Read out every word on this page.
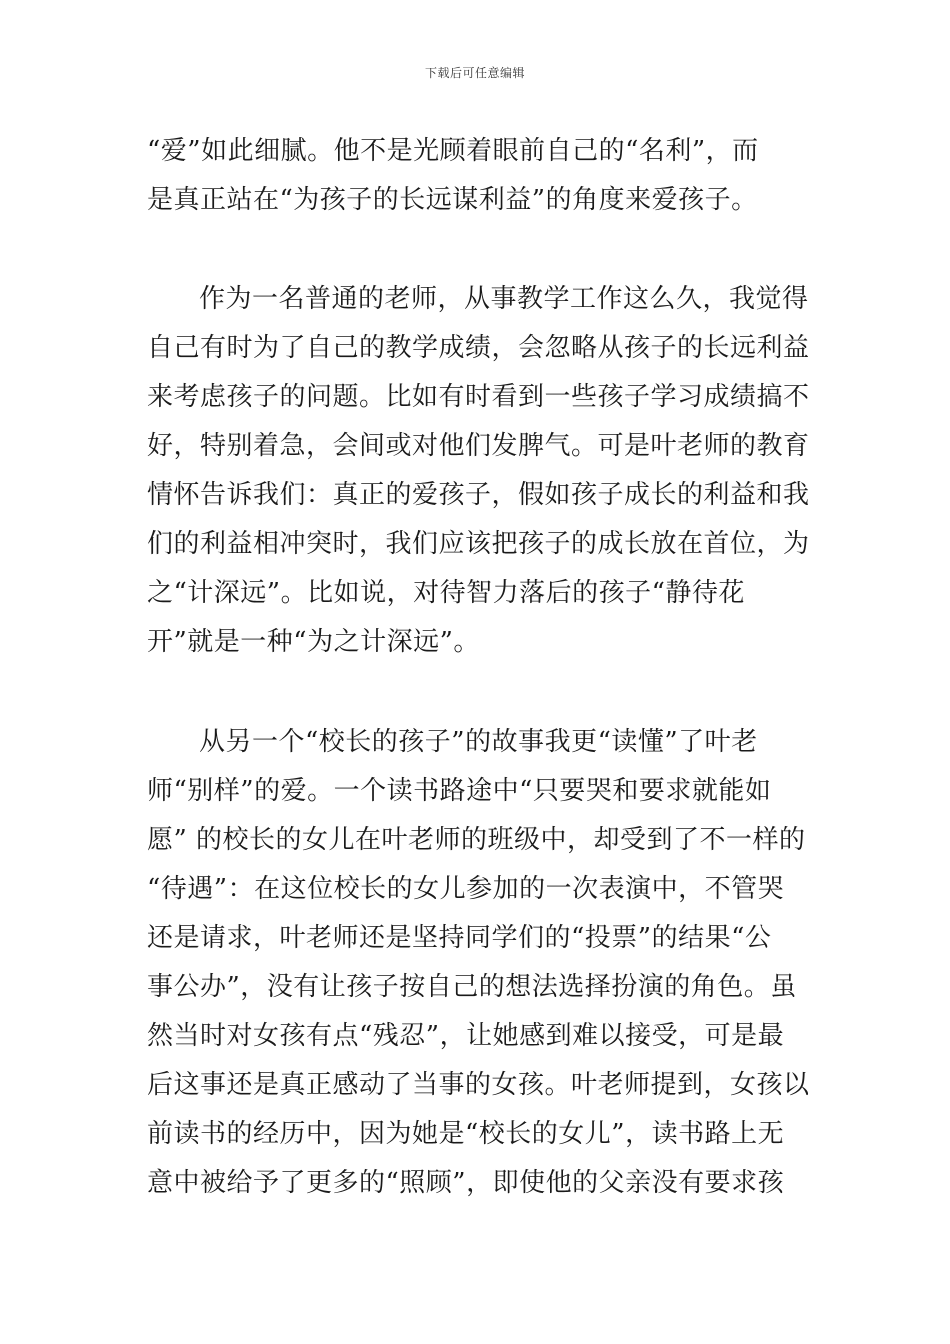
下载后可任意编辑
“爱”如此细腻。他不是光顾着眼前自己的“名利”，而
是真正站在“为孩子的长远谋利益”的角度来爱孩子。
作为一名普通的老师，从事教学工作这么久，我觉得
自己有时为了自己的教学成绩，会忽略从孩子的长远利益
来考虑孩子的问题。比如有时看到一些孩子学习成绩搞不
好，特别着急，会间或对他们发脾气。可是叶老师的教育
情怀告诉我们：真正的爱孩子，假如孩子成长的利益和我
们的利益相冲突时，我们应该把孩子的成长放在首位，为
之“计深远”。比如说，对待智力落后的孩子“静待花
开”就是一种“为之计深远”。
从另一个“校长的孩子”的故事我更“读懂”了叶老
师“别样”的爱。一个读书路途中“只要哭和要求就能如
愿” 的校长的女儿在叶老师的班级中，却受到了不一样的
“待遇”：在这位校长的女儿参加的一次表演中，不管哭
还是请求，叶老师还是坚持同学们的“投票”的结果“公
事公办”，没有让孩子按自己的想法选择扮演的角色。虽
然当时对女孩有点“残忍”，让她感到难以接受，可是最
后这事还是真正感动了当事的女孩。叶老师提到，女孩以
前读书的经历中，因为她是“校长的女儿”，读书路上无
意中被给予了更多的“照顾”，即使他的父亲没有要求孩
